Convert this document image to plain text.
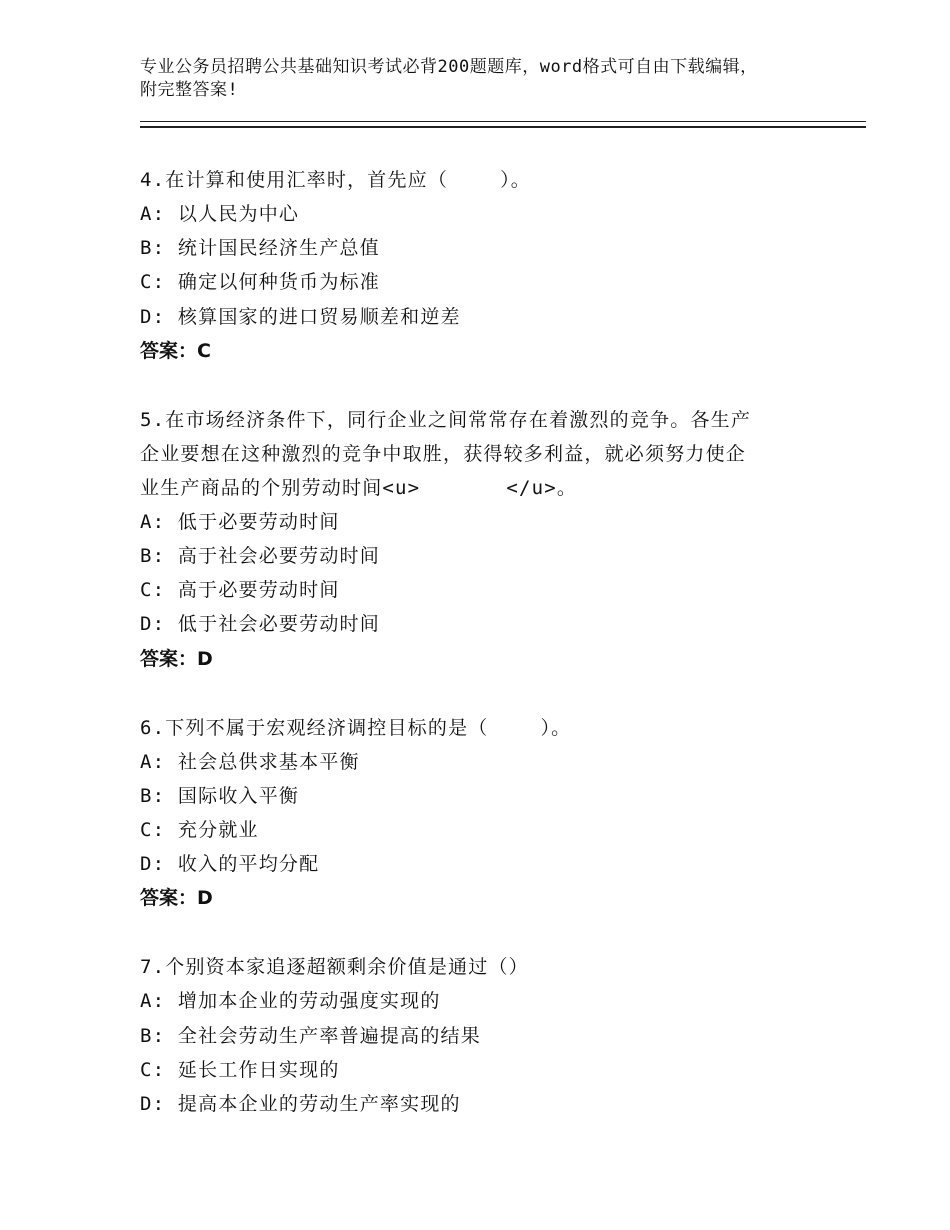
专业公务员招聘公共基础知识考试必背200题题库，word格式可自由下载编辑，
附完整答案!
4.在计算和使用汇率时，首先应（	）。
A: 以人民为中心
B: 统计国民经济生产总值
C: 确定以何种货币为标准
D: 核算国家的进口贸易顺差和逆差
答案：C
5.在市场经济条件下，同行企业之间常常存在着激烈的竞争。各生产
企业要想在这种激烈的竞争中取胜，获得较多利益，就必须努力使企
业生产商品的个别劳动时间<u>	</u>。
A: 低于必要劳动时间
B: 高于社会必要劳动时间
C: 高于必要劳动时间
D: 低于社会必要劳动时间
答案：D
6.下列不属于宏观经济调控目标的是（	）。
A: 社会总供求基本平衡
B: 国际收入平衡
C: 充分就业
D: 收入的平均分配
答案：D
7.个别资本家追逐超额剩余价值是通过（）
A: 增加本企业的劳动强度实现的
B: 全社会劳动生产率普遍提高的结果
C: 延长工作日实现的
D: 提高本企业的劳动生产率实现的
